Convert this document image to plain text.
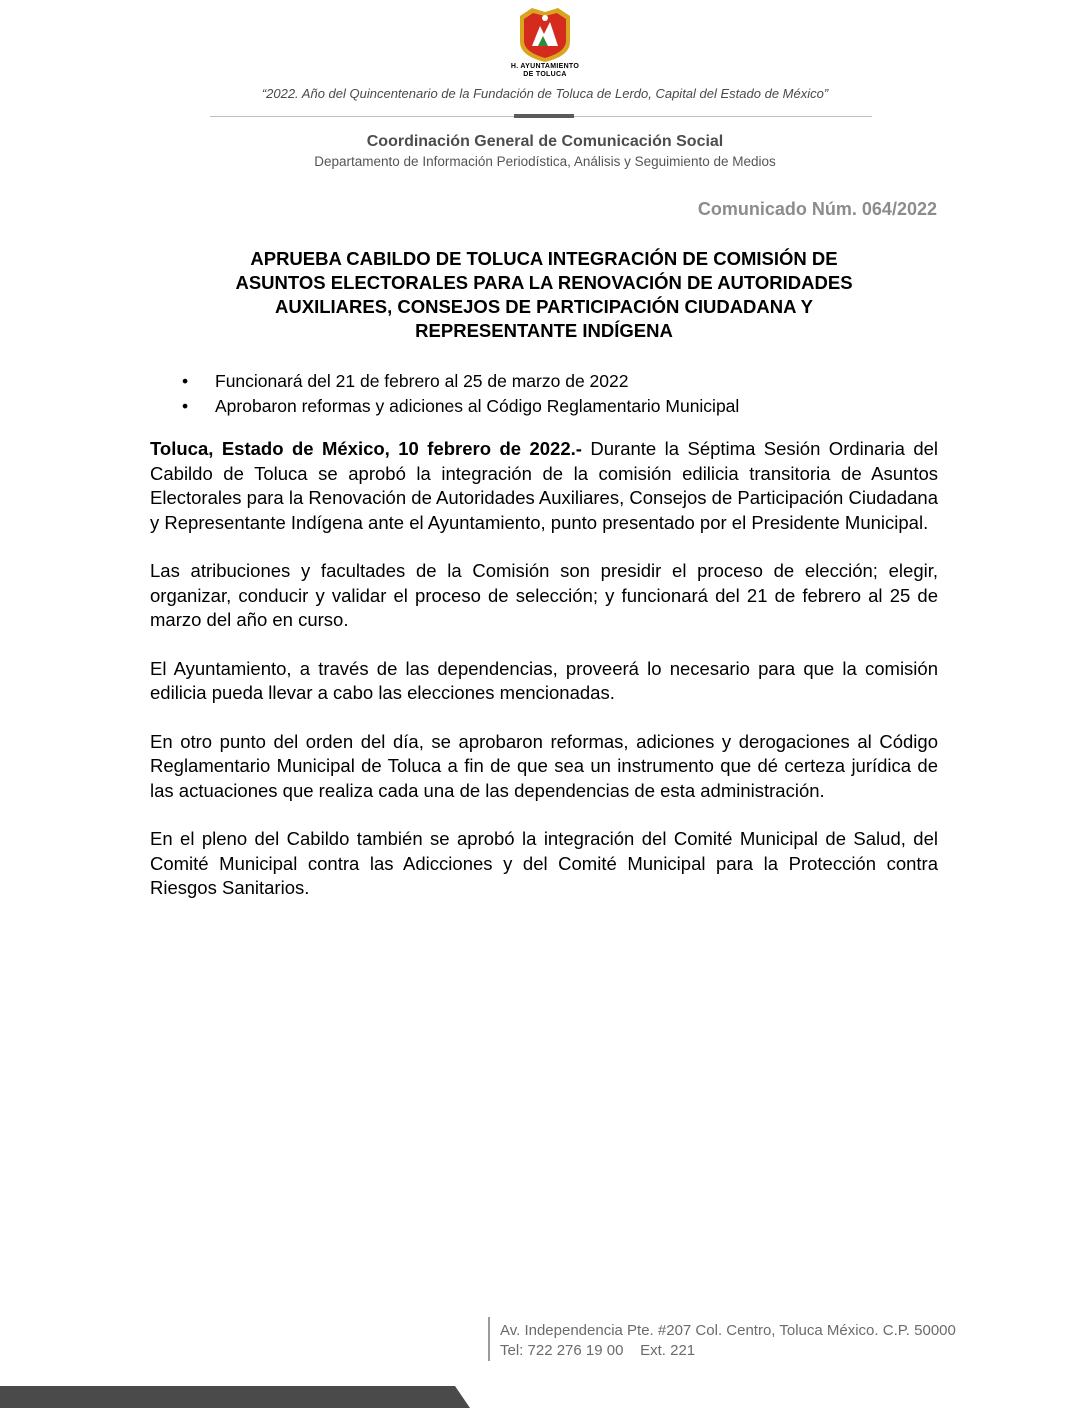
H. AYUNTAMIENTO
DE TOLUCA
“2022. Año del Quincentenario de la Fundación de Toluca de Lerdo, Capital del Estado de México”
Coordinación General de Comunicación Social
Departamento de Información Periodística, Análisis y Seguimiento de Medios
Comunicado Núm. 064/2022
APRUEBA CABILDO DE TOLUCA INTEGRACIÓN DE COMISIÓN DE
ASUNTOS ELECTORALES PARA LA RENOVACIÓN DE AUTORIDADES
AUXILIARES, CONSEJOS DE PARTICIPACIÓN CIUDADANA Y
REPRESENTANTE INDÍGENA
• Funcionará del 21 de febrero al 25 de marzo de 2022
• Aprobaron reformas y adiciones al Código Reglamentario Municipal

Toluca, Estado de México, 10 febrero de 2022.- Durante la Séptima Sesión Ordinaria del Cabildo de Toluca se aprobó la integración de la comisión edilicia transitoria de Asuntos Electorales para la Renovación de Autoridades Auxiliares, Consejos de Participación Ciudadana y Representante Indígena ante el Ayuntamiento, punto presentado por el Presidente Municipal.

Las atribuciones y facultades de la Comisión son presidir el proceso de elección; elegir, organizar, conducir y validar el proceso de selección; y funcionará del 21 de febrero al 25 de marzo del año en curso.

El Ayuntamiento, a través de las dependencias, proveerá lo necesario para que la comisión edilicia pueda llevar a cabo las elecciones mencionadas.

En otro punto del orden del día, se aprobaron reformas, adiciones y derogaciones al Código Reglamentario Municipal de Toluca a fin de que sea un instrumento que dé certeza jurídica de las actuaciones que realiza cada una de las dependencias de esta administración.

En el pleno del Cabildo también se aprobó la integración del Comité Municipal de Salud, del Comité Municipal contra las Adicciones y del Comité Municipal para la Protección contra Riesgos Sanitarios.

Av. Independencia Pte. #207 Col. Centro, Toluca México. C.P. 50000
Tel: 722 276 19 00    Ext. 221
